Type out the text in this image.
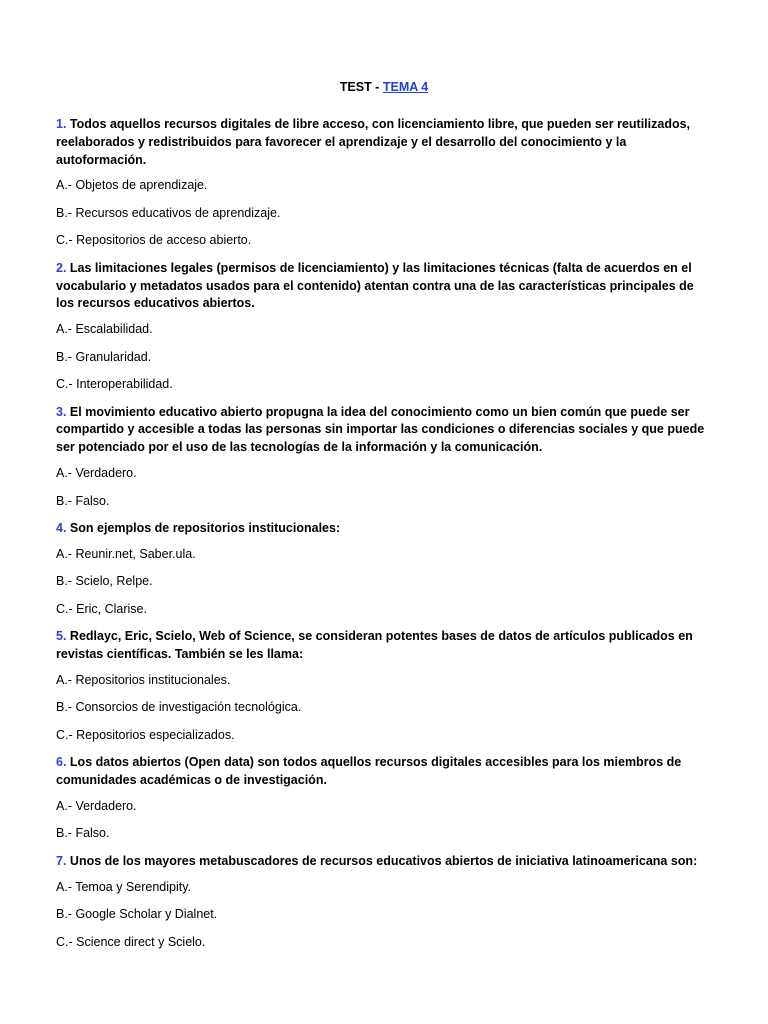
TEST - TEMA 4

1. Todos aquellos recursos digitales de libre acceso, con licenciamiento libre, que pueden ser reutilizados, reelaborados y redistribuidos para favorecer el aprendizaje y el desarrollo del conocimiento y la autoformación.

A.- Objetos de aprendizaje.

B.- Recursos educativos de aprendizaje.

C.- Repositorios de acceso abierto.

2. Las limitaciones legales (permisos de licenciamiento) y las limitaciones técnicas (falta de acuerdos en el vocabulario y metadatos usados para el contenido) atentan contra una de las características principales de los recursos educativos abiertos.

A.- Escalabilidad.

B.- Granularidad.

C.- Interoperabilidad.

3. El movimiento educativo abierto propugna la idea del conocimiento como un bien común que puede ser compartido y accesible a todas las personas sin importar las condiciones o diferencias sociales y que puede ser potenciado por el uso de las tecnologías de la información y la comunicación.

A.- Verdadero.

B.- Falso.

4. Son ejemplos de repositorios institucionales:

A.- Reunir.net, Saber.ula.

B.- Scielo, Relpe.

C.- Eric, Clarise.

5. Redlayc, Eric, Scielo, Web of Science, se consideran potentes bases de datos de artículos publicados en revistas científicas. También se les llama:

A.- Repositorios institucionales.

B.- Consorcios de investigación tecnológica.

C.- Repositorios especializados.

6. Los datos abiertos (Open data) son todos aquellos recursos digitales accesibles para los miembros de comunidades académicas o de investigación.

A.- Verdadero.

B.- Falso.

7. Unos de los mayores metabuscadores de recursos educativos abiertos de iniciativa latinoamericana son:

A.- Temoa y Serendipity.

B.- Google Scholar y Dialnet.

C.- Science direct y Scielo.
